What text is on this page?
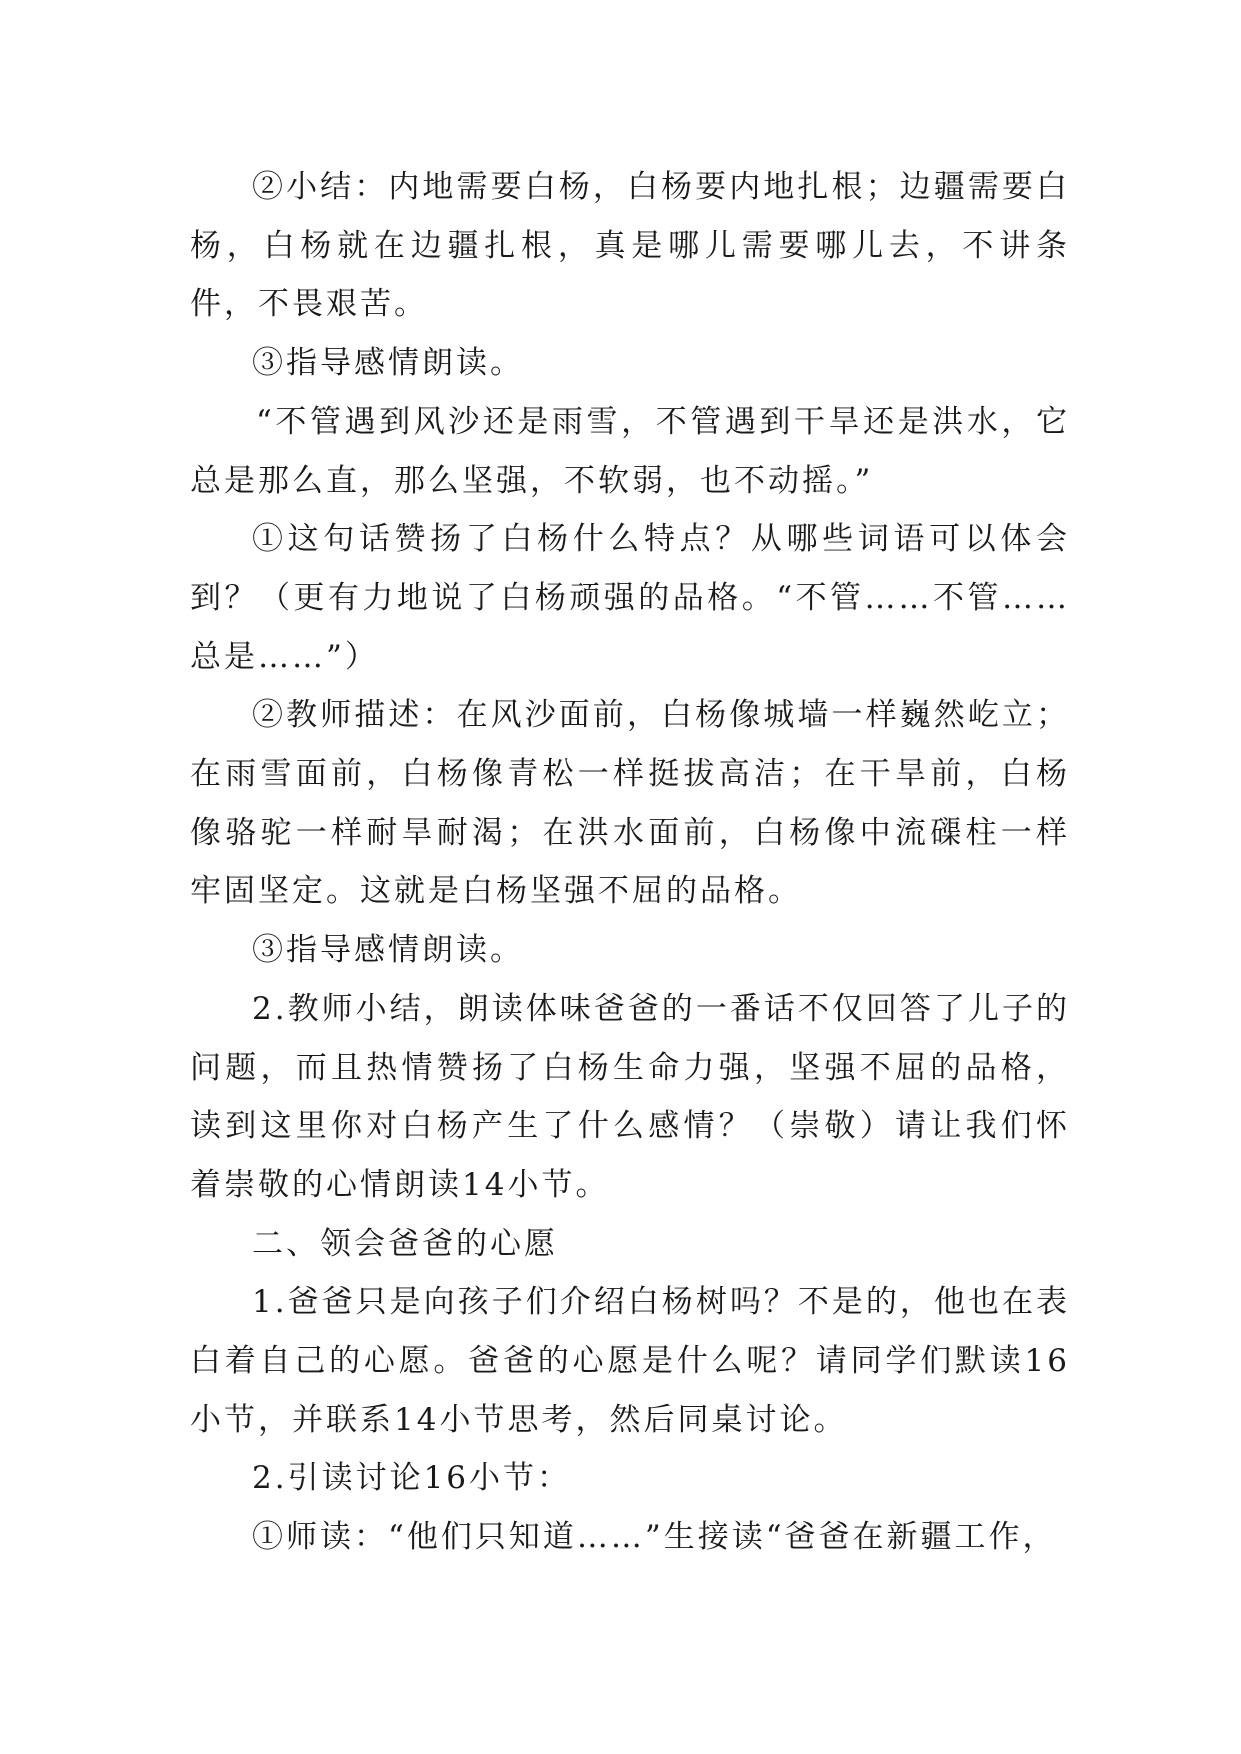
②小结：内地需要白杨，白杨要内地扎根；边疆需要白杨，白杨就在边疆扎根，真是哪儿需要哪儿去，不讲条件，不畏艰苦。

③指导感情朗读。

“不管遇到风沙还是雨雪，不管遇到干旱还是洪水，它总是那么直，那么坚强，不软弱，也不动摇。”

①这句话赞扬了白杨什么特点？从哪些词语可以体会到？（更有力地说了白杨顽强的品格。“不管……不管……总是……”）

②教师描述：在风沙面前，白杨像城墙一样巍然屹立；在雨雪面前，白杨像青松一样挺拔高洁；在干旱前，白杨像骆驼一样耐旱耐渴；在洪水面前，白杨像中流磲柱一样牢固坚定。这就是白杨坚强不屈的品格。

③指导感情朗读。

2.教师小结，朗读体味爸爸的一番话不仅回答了儿子的问题，而且热情赞扬了白杨生命力强，坚强不屈的品格，读到这里你对白杨产生了什么感情？（崇敬）请让我们怀着崇敬的心情朗读14小节。

二、领会爸爸的心愿

1.爸爸只是向孩子们介绍白杨树吗？不是的，他也在表白着自己的心愿。爸爸的心愿是什么呢？请同学们默读16小节，并联系14小节思考，然后同桌讨论。

2.引读讨论16小节：

①师读：“他们只知道……”生接读“爸爸在新疆工作，
